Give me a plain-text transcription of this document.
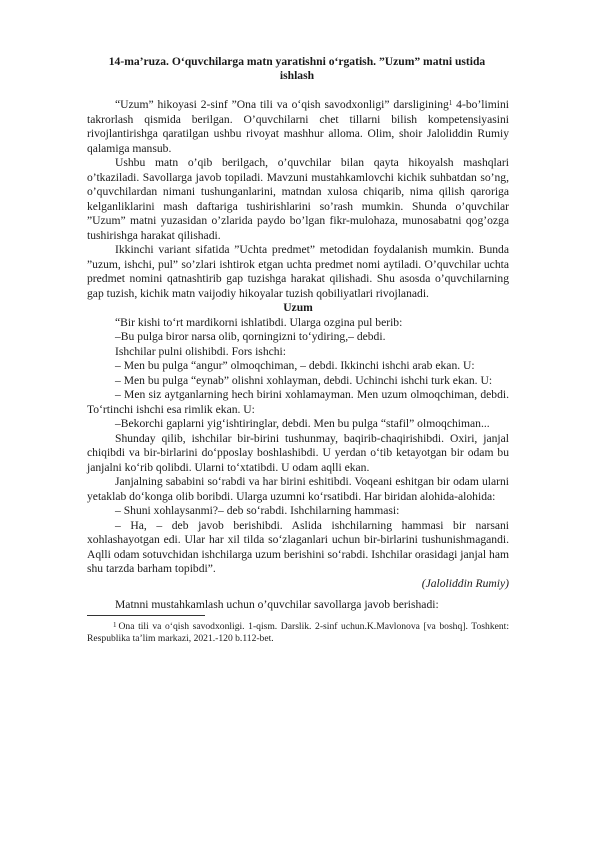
14-ma’ruza. O‘quvchilarga matn yaratishni o‘rgatish. ”Uzum” matni ustida ishlash

“Uzum” hikoyasi 2-sinf ”Ona tili va o‘qish savodxonligi” darsligining$^1$ 4-bo’limini takrorlash qismida berilgan. O’quvchilarni chet tillarni bilish kompetensiyasini rivojlantirishga qaratilgan ushbu rivoyat mashhur alloma. Olim, shoir Jaloliddin Rumiy qalamiga mansub.

Ushbu matn o’qib berilgach, o’quvchilar bilan qayta hikoyalsh mashqlari o’tkaziladi. Savollarga javob topiladi. Mavzuni mustahkamlovchi kichik suhbatdan so’ng, o’quvchilardan nimani tushunganlarini, matndan xulosa chiqarib, nima qilish qaroriga kelganliklarini mash daftariga tushirishlarini so’rash mumkin. Shunda o’quvchilar ”Uzum” matni yuzasidan o’zlarida paydo bo’lgan fikr-mulohaza, munosabatni qog’ozga tushirishga harakat qilishadi.

Ikkinchi variant sifatida ”Uchta predmet” metodidan foydalanish mumkin. Bunda ”uzum, ishchi, pul” so’zlari ishtirok etgan uchta predmet nomi aytiladi. O’quvchilar uchta predmet nomini qatnashtirib gap tuzishga harakat qilishadi. Shu asosda o’quvchilarning gap tuzish, kichik matn vaijodiy hikoyalar tuzish qobiliyatlari rivojlanadi.

Uzum

“Bir kishi to‘rt mardikorni ishlatibdi. Ularga ozgina pul berib:

–Bu pulga biror narsa olib, qorningizni to‘ydiring,– debdi.

Ishchilar pulni olishibdi. Fors ishchi:

– Men bu pulga “angur” olmoqchiman, – debdi. Ikkinchi ishchi arab ekan. U:

– Men bu pulga “eynab” olishni xohlayman, debdi. Uchinchi ishchi turk ekan. U:

– Men siz aytganlarning hech birini xohlamayman. Men uzum olmoqchiman, debdi. To‘rtinchi ishchi esa rimlik ekan. U:

–Bekorchi gaplarni yig‘ishtiringlar, debdi. Men bu pulga “stafil” olmoqchiman...

Shunday qilib, ishchilar bir-birini tushunmay, baqirib-chaqirishibdi. Oxiri, janjal chiqibdi va bir-birlarini do‘pposlay boshlashibdi. U yerdan o‘tib ketayotgan bir odam bu janjalni ko‘rib qolibdi. Ularni to‘xtatibdi. U odam aqlli ekan.

Janjalning sababini so‘rabdi va har birini eshitibdi. Voqeani eshitgan bir odam ularni yetaklab do‘konga olib boribdi. Ularga uzumni ko‘rsatibdi. Har biridan alohida-alohida:

– Shuni xohlaysanmi?– deb so‘rabdi. Ishchilarning hammasi:

– Ha, – deb javob berishibdi. Aslida ishchilarning hammasi bir narsani xohlashayotgan edi. Ular har xil tilda so‘zlaganlari uchun bir-birlarini tushunishmagandi. Aqlli odam sotuvchidan ishchilarga uzum berishini so‘rabdi. Ishchilar orasidagi janjal ham shu tarzda barham topibdi”.

(Jaloliddin Rumiy)

Matnni mustahkamlash uchun o’quvchilar savollarga javob berishadi:

$^1$ Ona tili va o‘qish savodxonligi. 1-qism. Darslik. 2-sinf uchun.K.Mavlonova [va boshq]. Toshkent: Respublika ta’lim markazi, 2021.-120 b.112-bet.
